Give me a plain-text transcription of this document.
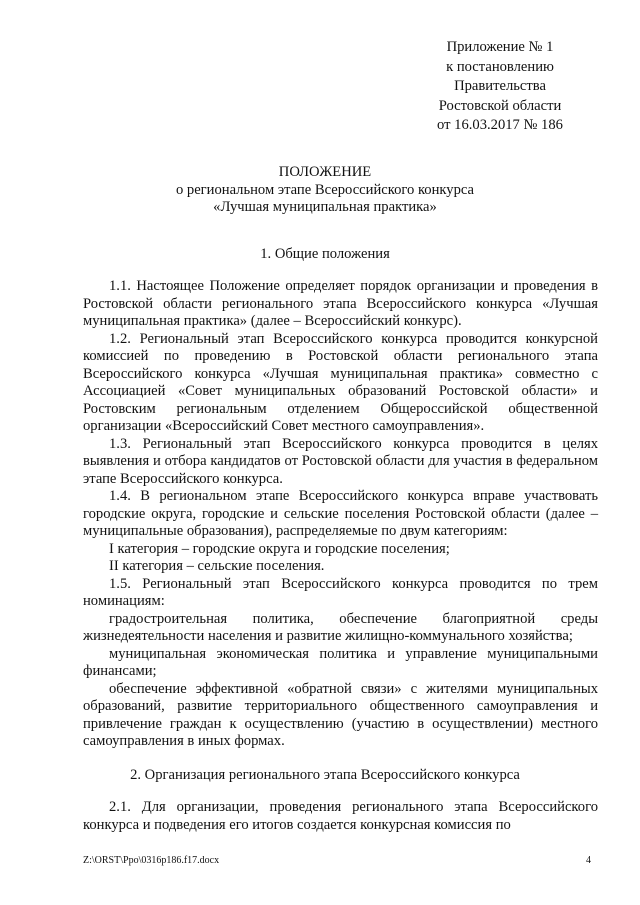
Приложение № 1
к постановлению
Правительства
Ростовской области
от 16.03.2017 № 186
ПОЛОЖЕНИЕ
о региональном этапе Всероссийского конкурса
«Лучшая муниципальная практика»
1. Общие положения
1.1. Настоящее Положение определяет порядок организации и проведения в Ростовской области регионального этапа Всероссийского конкурса «Лучшая муниципальная практика» (далее – Всероссийский конкурс).
1.2. Региональный этап Всероссийского конкурса проводится конкурсной комиссией по проведению в Ростовской области регионального этапа Всероссийского конкурса «Лучшая муниципальная практика» совместно с Ассоциацией «Совет муниципальных образований Ростовской области» и Ростовским региональным отделением Общероссийской общественной организации «Всероссийский Совет местного самоуправления».
1.3. Региональный этап Всероссийского конкурса проводится в целях выявления и отбора кандидатов от Ростовской области для участия в федеральном этапе Всероссийского конкурса.
1.4. В региональном этапе Всероссийского конкурса вправе участвовать городские округа, городские и сельские поселения Ростовской области (далее – муниципальные образования), распределяемые по двум категориям:
I категория – городские округа и городские поселения;
II категория – сельские поселения.
1.5. Региональный этап Всероссийского конкурса проводится по трем номинациям:
градостроительная политика, обеспечение благоприятной среды жизнедеятельности населения и развитие жилищно-коммунального хозяйства;
муниципальная экономическая политика и управление муниципальными финансами;
обеспечение эффективной «обратной связи» с жителями муниципальных образований, развитие территориального общественного самоуправления и привлечение граждан к осуществлению (участию в осуществлении) местного самоуправления в иных формах.
2. Организация регионального этапа Всероссийского конкурса
2.1. Для организации, проведения регионального этапа Всероссийского конкурса и подведения его итогов создается конкурсная комиссия по
Z:\ORST\Ppo\0316p186.f17.docx	4
